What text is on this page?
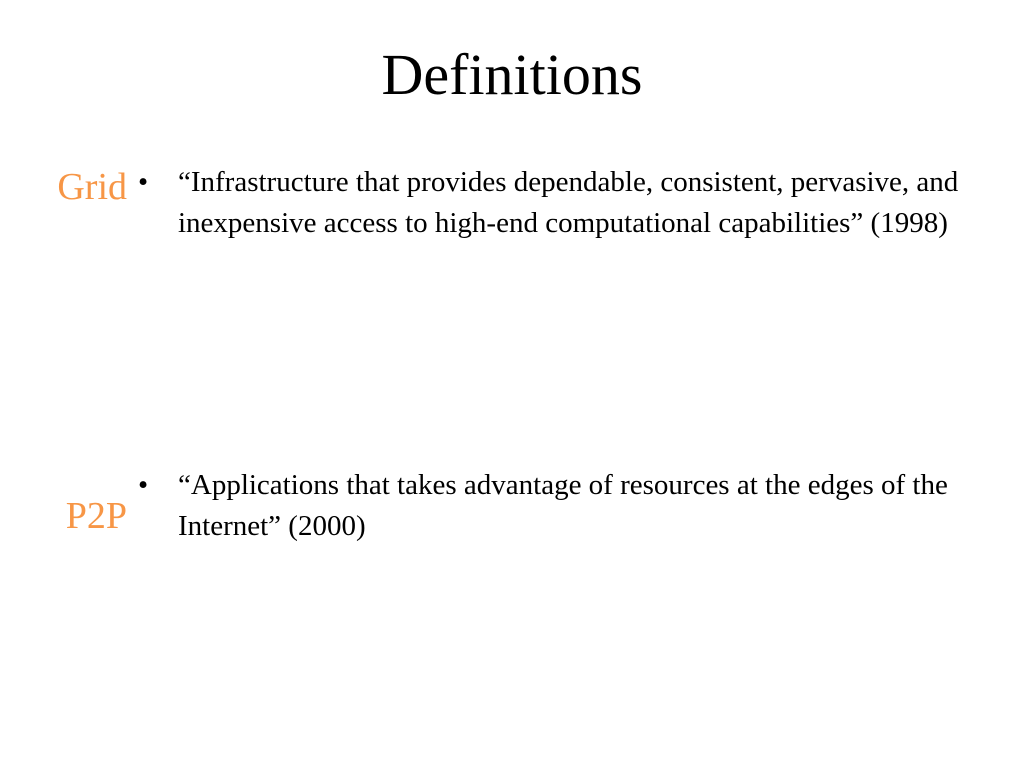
Definitions
Grid •	“Infrastructure that provides dependable, consistent, pervasive, and inexpensive access to high-end computational capabilities” (1998)
P2P
•	“Applications that takes advantage of resources at the edges of the Internet” (2000)
